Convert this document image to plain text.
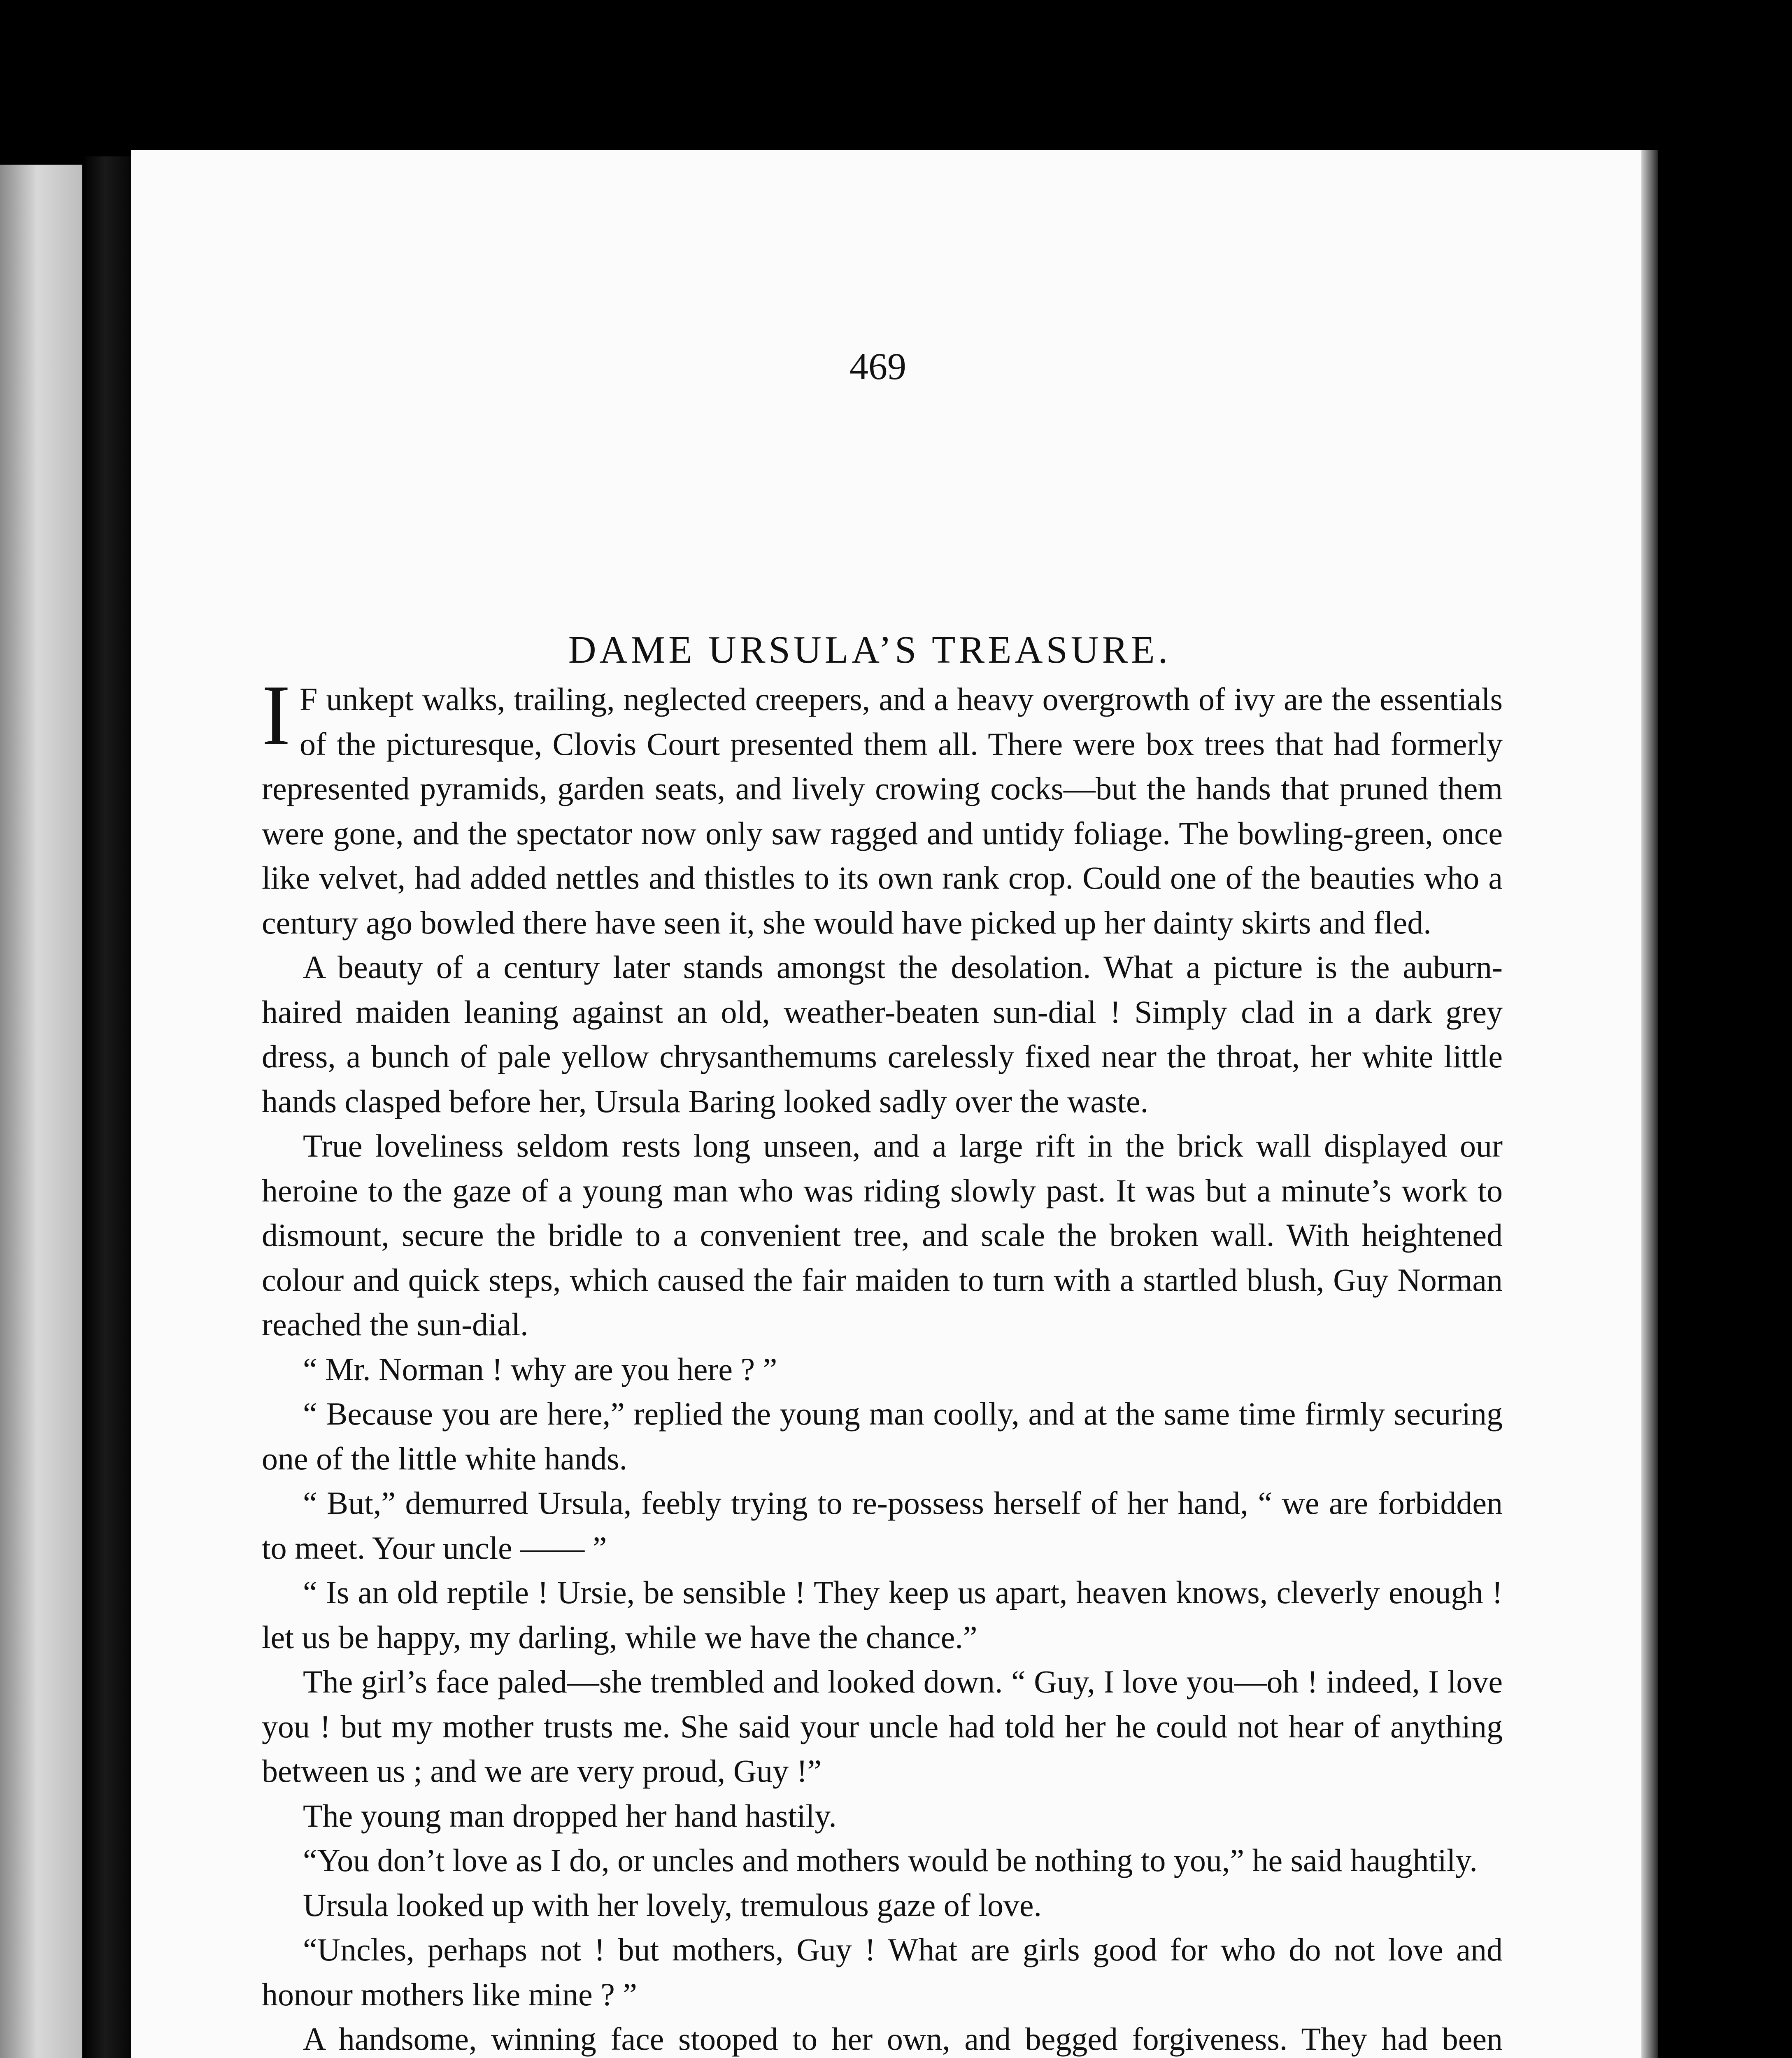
469
DAME URSULA’S TREASURE.

I F unkept walks, trailing, neglected creepers, and a heavy overgrowth of ivy are the essentials of the picturesque, Clovis Court presented them all. There were box trees that had formerly represented pyramids, garden seats, and lively crowing cocks—but the hands that pruned them were gone, and the spectator now only saw ragged and untidy foliage. The bowling-green, once like velvet, had added nettles and thistles to its own rank crop. Could one of the beauties who a century ago bowled there have seen it, she would have picked up her dainty skirts and fled.

A beauty of a century later stands amongst the desolation. What a picture is the auburn-haired maiden leaning against an old, weather-beaten sun-dial ! Simply clad in a dark grey dress, a bunch of pale yellow chrysanthemums carelessly fixed near the throat, her white little hands clasped before her, Ursula Baring looked sadly over the waste.

True loveliness seldom rests long unseen, and a large rift in the brick wall displayed our heroine to the gaze of a young man who was riding slowly past. It was but a minute’s work to dismount, secure the bridle to a convenient tree, and scale the broken wall. With heightened colour and quick steps, which caused the fair maiden to turn with a startled blush, Guy Norman reached the sun-dial.

“ Mr. Norman ! why are you here ? ”

“ Because you are here,” replied the young man coolly, and at the same time firmly securing one of the little white hands.

“ But,” demurred Ursula, feebly trying to re-possess herself of her hand, “ we are forbidden to meet. Your uncle —— ”

“ Is an old reptile ! Ursie, be sensible ! They keep us apart, heaven knows, cleverly enough ! let us be happy, my darling, while we have the chance.”

The girl’s face paled—she trembled and looked down. “ Guy, I love you—oh ! indeed, I love you ! but my mother trusts me. She said your uncle had told her he could not hear of anything between us ; and we are very proud, Guy !”

The young man dropped her hand hastily.

“You don’t love as I do, or uncles and mothers would be nothing to you,” he said haughtily.

Ursula looked up with her lovely, tremulous gaze of love.

“Uncles, perhaps not ! but mothers, Guy ! What are girls good for who do not love and honour mothers like mine ? ”

A handsome, winning face stooped to her own, and begged forgiveness. They had been
